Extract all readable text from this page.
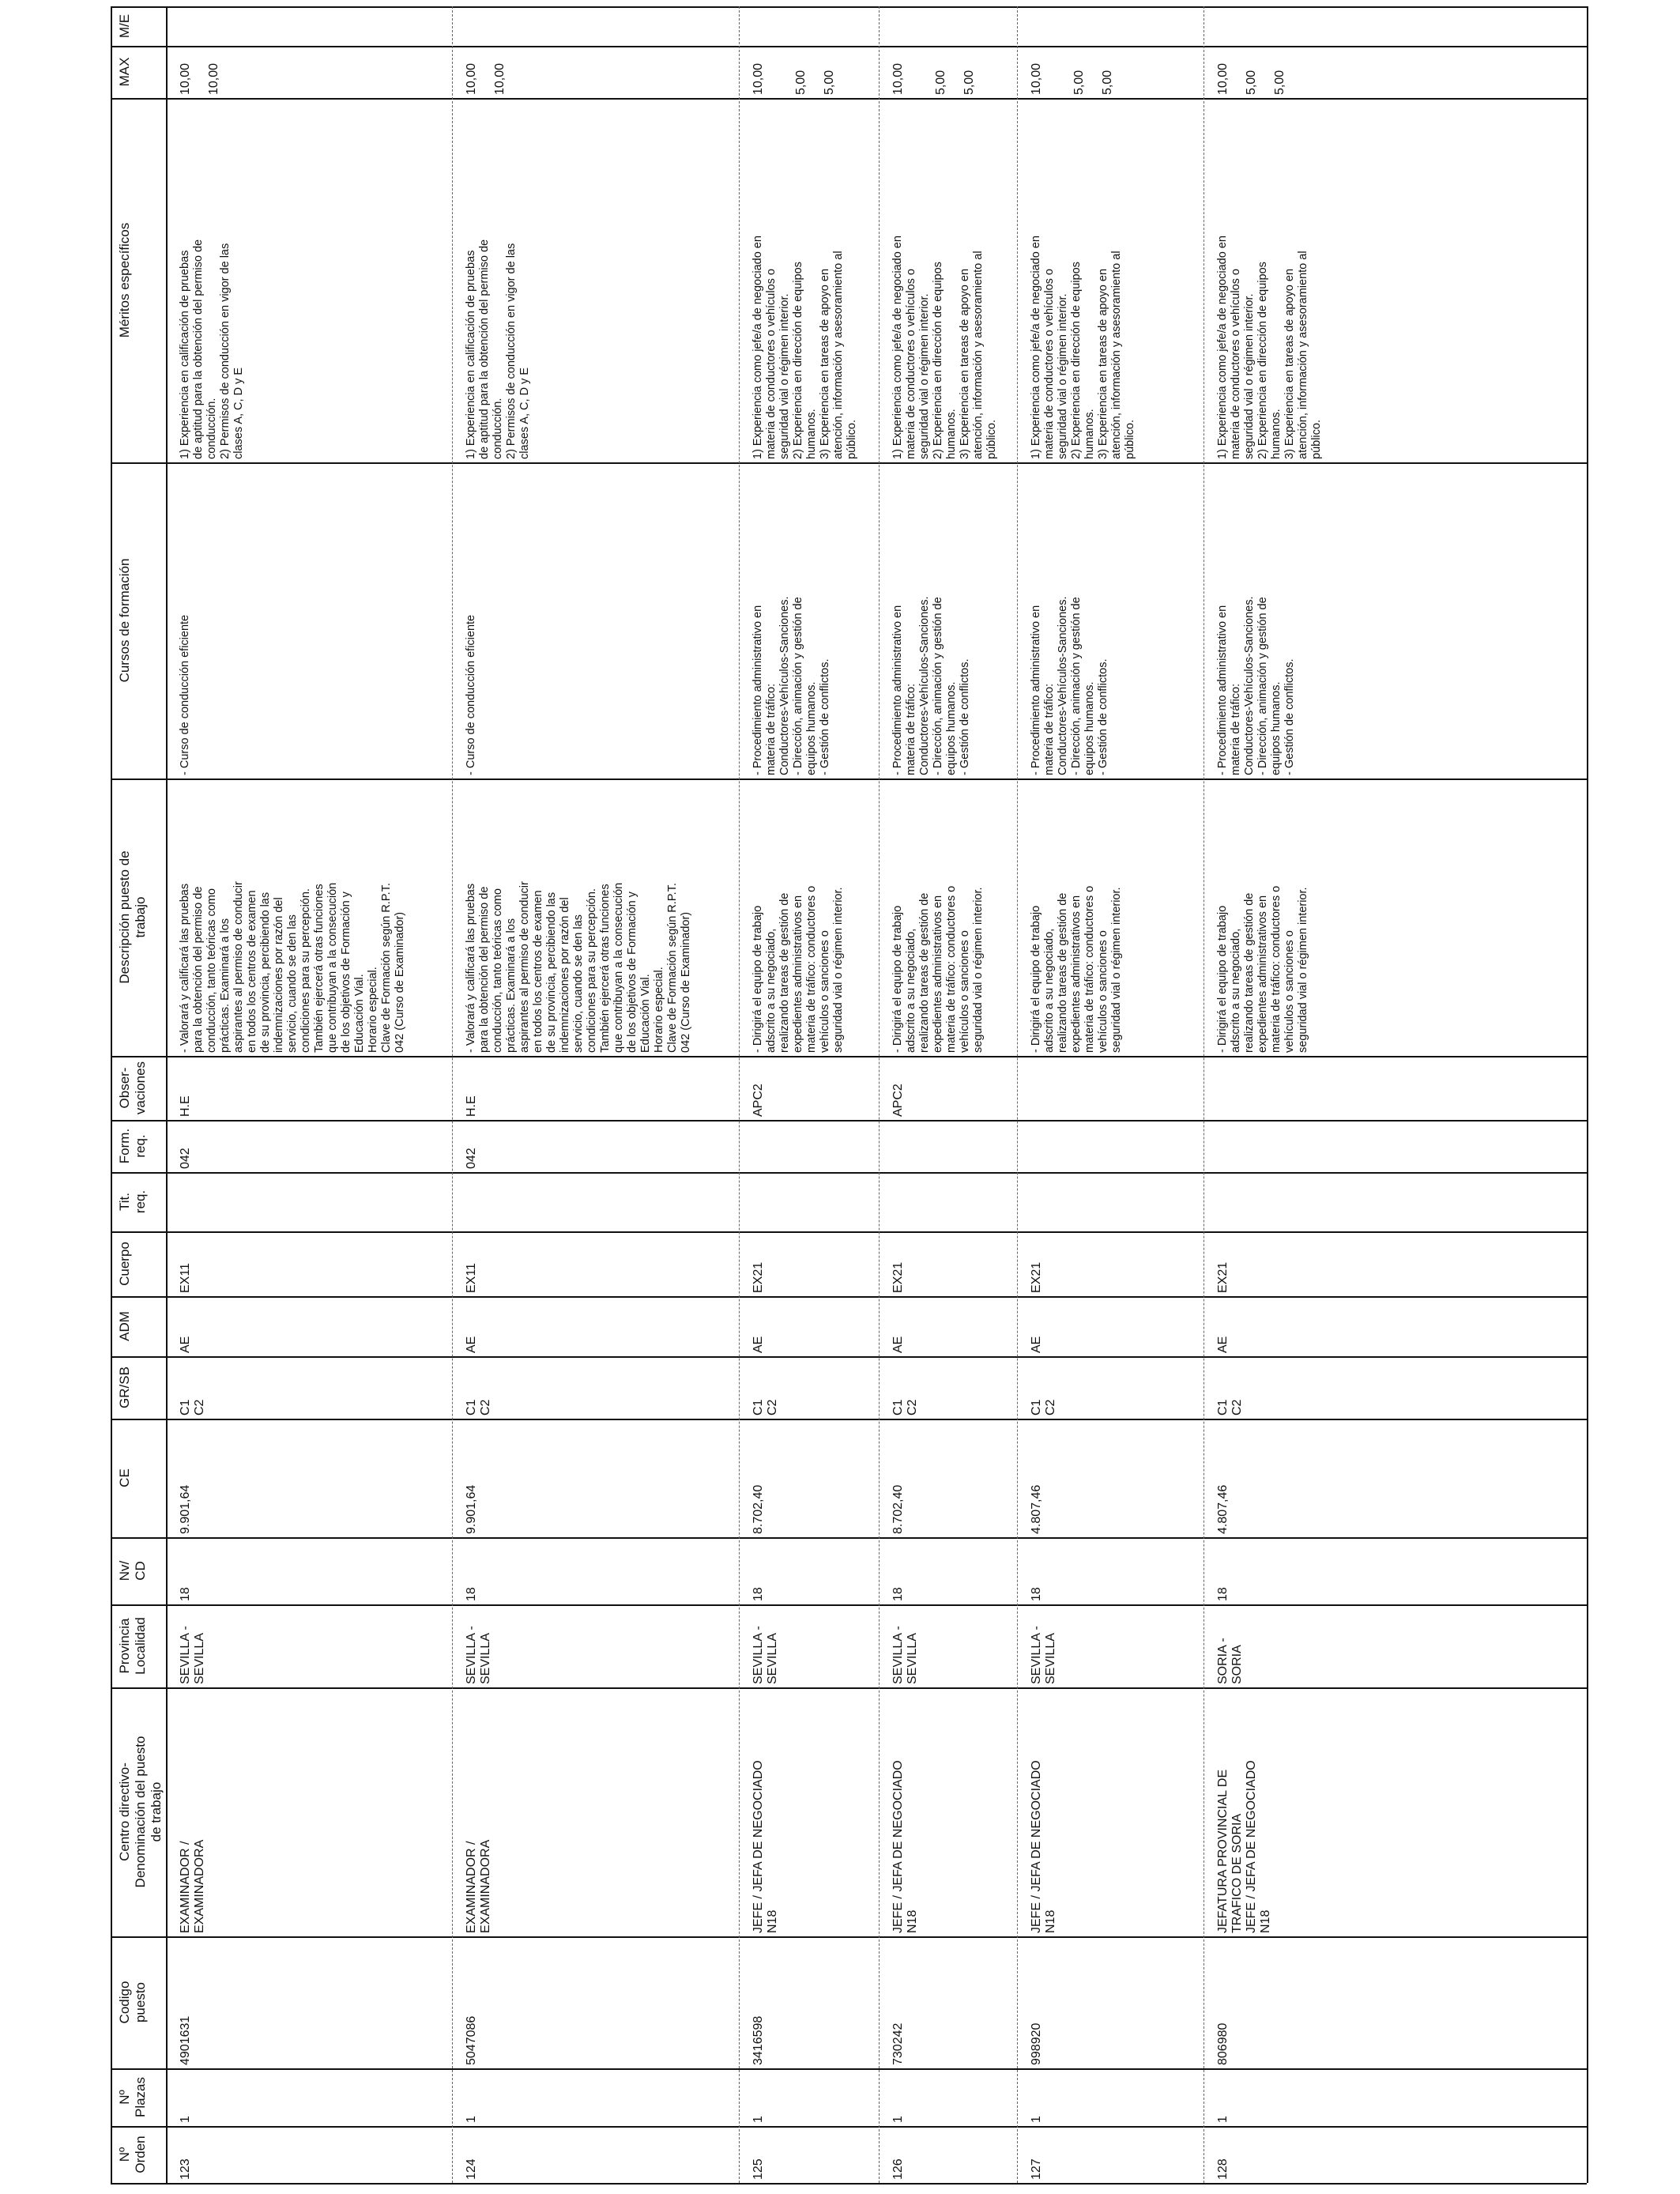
M/E
MAX
Méritos específicos
Cursos de formación
Descripción puesto de
trabajo
Obser-
vaciones
Form.
req.
Tit.
req.
Cuerpo
ADM
GR/SB
CE
Nv/
CD
Provincia
Localidad
Centro directivo-
Denominación del puesto
de trabajo
Codigo
puesto
Nº
Plazas
Nº
Orden
10,00

10,00
1) Experiencia en calificación de pruebas
de aptitud para la obtención del permiso de
conducción.
2) Permisos de conducción en vigor de las
clases A, C, D y E
- Curso de conducción eficiente
- Valorará y calificará las pruebas
para la obtención del permiso de
conducción, tanto teóricas como
prácticas. Examinará a los
aspirantes al permiso de conducir
en todos los centros de examen
de su provincia, percibiendo las
indemnizaciones por razón del
servicio, cuando se den las
condiciones para su percepción.
También ejercerá otras funciones
que contribuyan a la consecución
de los objetivos de Formación y
Educación Vial.
Horario especial.
Clave de Formación según R.P.T.
042 (Curso de Examinador)
H.E
042
EX11
AE
C1
C2
9.901,64
18
SEVILLA -
SEVILLA
EXAMINADOR /
EXAMINADORA
4901631
1
123
10,00

10,00
1) Experiencia en calificación de pruebas
de aptitud para la obtención del permiso de
conducción.
2) Permisos de conducción en vigor de las
clases A, C, D y E
- Curso de conducción eficiente
- Valorará y calificará las pruebas
para la obtención del permiso de
conducción, tanto teóricas como
prácticas. Examinará a los
aspirantes al permiso de conducir
en todos los centros de examen
de su provincia, percibiendo las
indemnizaciones por razón del
servicio, cuando se den las
condiciones para su percepción.
También ejercerá otras funciones
que contribuyan a la consecución
de los objetivos de Formación y
Educación Vial.
Horario especial.
Clave de Formación según R.P.T.
042 (Curso de Examinador)
H.E
042
EX11
AE
C1
C2
9.901,64
18
SEVILLA -
SEVILLA
EXAMINADOR /
EXAMINADORA
5047086
1
124
10,00

5,00

5,00
1) Experiencia como jefe/a de negociado en
materia de conductores o vehículos o
seguridad vial o régimen interior.
2) Experiencia en dirección de equipos
humanos.
3) Experiencia en tareas de apoyo en
atención, información y asesoramiento al
público.
- Procedimiento administrativo en
materia de tráfico:
Conductores-Vehículos-Sanciones.
- Dirección, animación y gestión de
equipos humanos.
- Gestión de conflictos.
- Dirigirá el equipo de trabajo
adscrito a su negociado,
realizando tareas de gestión de
expedientes administrativos en
materia de tráfico: conductores o
vehículos o sanciones o
seguridad vial o régimen interior.
APC2
EX21
AE
C1
C2
8.702,40
18
SEVILLA -
SEVILLA
JEFE / JEFA DE NEGOCIADO
N18
3416598
1
125
10,00

5,00

5,00
1) Experiencia como jefe/a de negociado en
materia de conductores o vehículos o
seguridad vial o régimen interior.
2) Experiencia en dirección de equipos
humanos.
3) Experiencia en tareas de apoyo en
atención, información y asesoramiento al
público.
- Procedimiento administrativo en
materia de tráfico:
Conductores-Vehículos-Sanciones.
- Dirección, animación y gestión de
equipos humanos.
- Gestión de conflictos.
- Dirigirá el equipo de trabajo
adscrito a su negociado,
realizando tareas de gestión de
expedientes administrativos en
materia de tráfico: conductores o
vehículos o sanciones o
seguridad vial o régimen interior.
APC2
EX21
AE
C1
C2
8.702,40
18
SEVILLA -
SEVILLA
JEFE / JEFA DE NEGOCIADO
N18
730242
1
126
10,00

5,00

5,00
1) Experiencia como jefe/a de negociado en
materia de conductores o vehículos o
seguridad vial o régimen interior.
2) Experiencia en dirección de equipos
humanos.
3) Experiencia en tareas de apoyo en
atención, información y asesoramiento al
público.
- Procedimiento administrativo en
materia de tráfico:
Conductores-Vehículos-Sanciones.
- Dirección, animación y gestión de
equipos humanos.
- Gestión de conflictos.
- Dirigirá el equipo de trabajo
adscrito a su negociado,
realizando tareas de gestión de
expedientes administrativos en
materia de tráfico: conductores o
vehículos o sanciones o
seguridad vial o régimen interior.
EX21
AE
C1
C2
4.807,46
18
SEVILLA -
SEVILLA
JEFE / JEFA DE NEGOCIADO
N18
998920
1
127
10,00

5,00

5,00
1) Experiencia como jefe/a de negociado en
materia de conductores o vehículos o
seguridad vial o régimen interior.
2) Experiencia en dirección de equipos
humanos.
3) Experiencia en tareas de apoyo en
atención, información y asesoramiento al
público.
- Procedimiento administrativo en
materia de tráfico:
Conductores-Vehículos-Sanciones.
- Dirección, animación y gestión de
equipos humanos.
- Gestión de conflictos.
- Dirigirá el equipo de trabajo
adscrito a su negociado,
realizando tareas de gestión de
expedientes administrativos en
materia de tráfico: conductores o
vehículos o sanciones o
seguridad vial o régimen interior.
EX21
AE
C1
C2
4.807,46
18
SORIA - SORIA
JEFATURA PROVINCIAL DE
TRAFICO DE SORIA
JEFE / JEFA DE NEGOCIADO
N18
806980
1
128
